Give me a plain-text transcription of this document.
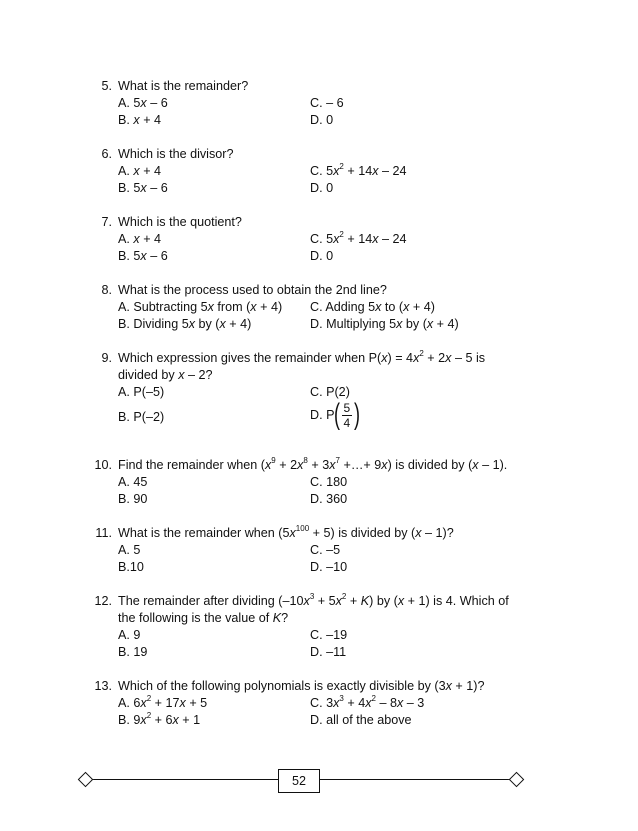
5. What is the remainder?
A. 5x – 6	C. – 6
B. x + 4	D. 0
6. Which is the divisor?
A. x + 4	C. $5x^2 + 14x - 24$
B. 5x – 6	D. 0
7. Which is the quotient?
A. x + 4	C. $5x^2 + 14x - 24$
B. 5x – 6	D. 0
8. What is the process used to obtain the 2nd line?
A. Subtracting 5x from (x + 4) C. Adding 5x to (x + 4)
B. Dividing 5x by (x + 4)	D. Multiplying 5x by (x + 4)
9. Which expression gives the remainder when $P(x) = 4x^2 + 2x - 5$ is
divided by x – 2?
A. P(–5)	C. P(2)
B. P(–2)	D. $P( \frac{5}{4}$ )
10. Find the remainder when ($x^9 + 2x^8 + 3x^7$ +…+ 9x) is divided by (x – 1).
A. 45	C. 180
B. 90	D. 360
11. What is the remainder when $(5x^{100} + 5)$ is divided by (x – 1)?
A. 5	C. –5
B.10	D. –10
12. The remainder after dividing $(-10x^3 + 5x^2 + K)$ by (x + 1) is 4. Which of
the following is the value of K?
A. 9	C. –19
B. 19	D. –11
13. Which of the following polynomials is exactly divisible by (3x + 1)?
A. $6x^2 + 17x + 5$	C. $3x^3 + 4x^2 - 8x - 3$
B. $9x^2 + 6x + 1$	D. all of the above
52
